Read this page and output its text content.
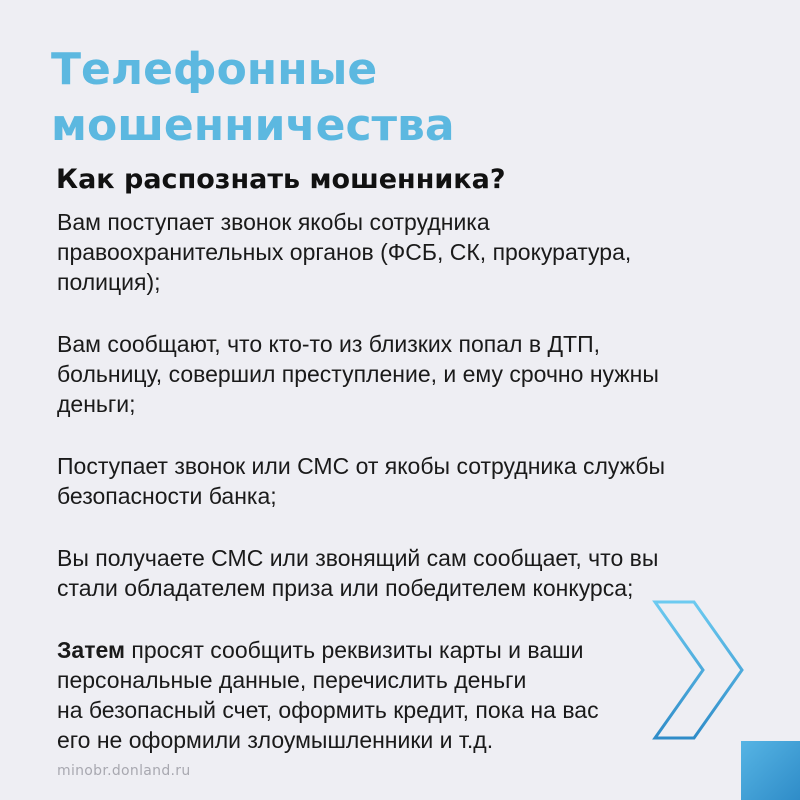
Телефонные
мошенничества
Как распознать мошенника?

Вам поступает звонок якобы сотрудника
правоохранительных органов (ФСБ, СК, прокуратура,
полиция);

Вам сообщают, что кто-то из близких попал в ДТП,
больницу, совершил преступление, и ему срочно нужны
деньги;

Поступает звонок или СМС от якобы сотрудника службы
безопасности банка;

Вы получаете СМС или звонящий сам сообщает, что вы
стали обладателем приза или победителем конкурса;

Затем просят сообщить реквизиты карты и ваши
персональные данные, перечислить деньги
на безопасный счет, оформить кредит, пока на вас
его не оформили злоумышленники и т.д.

minobr.donland.ru
